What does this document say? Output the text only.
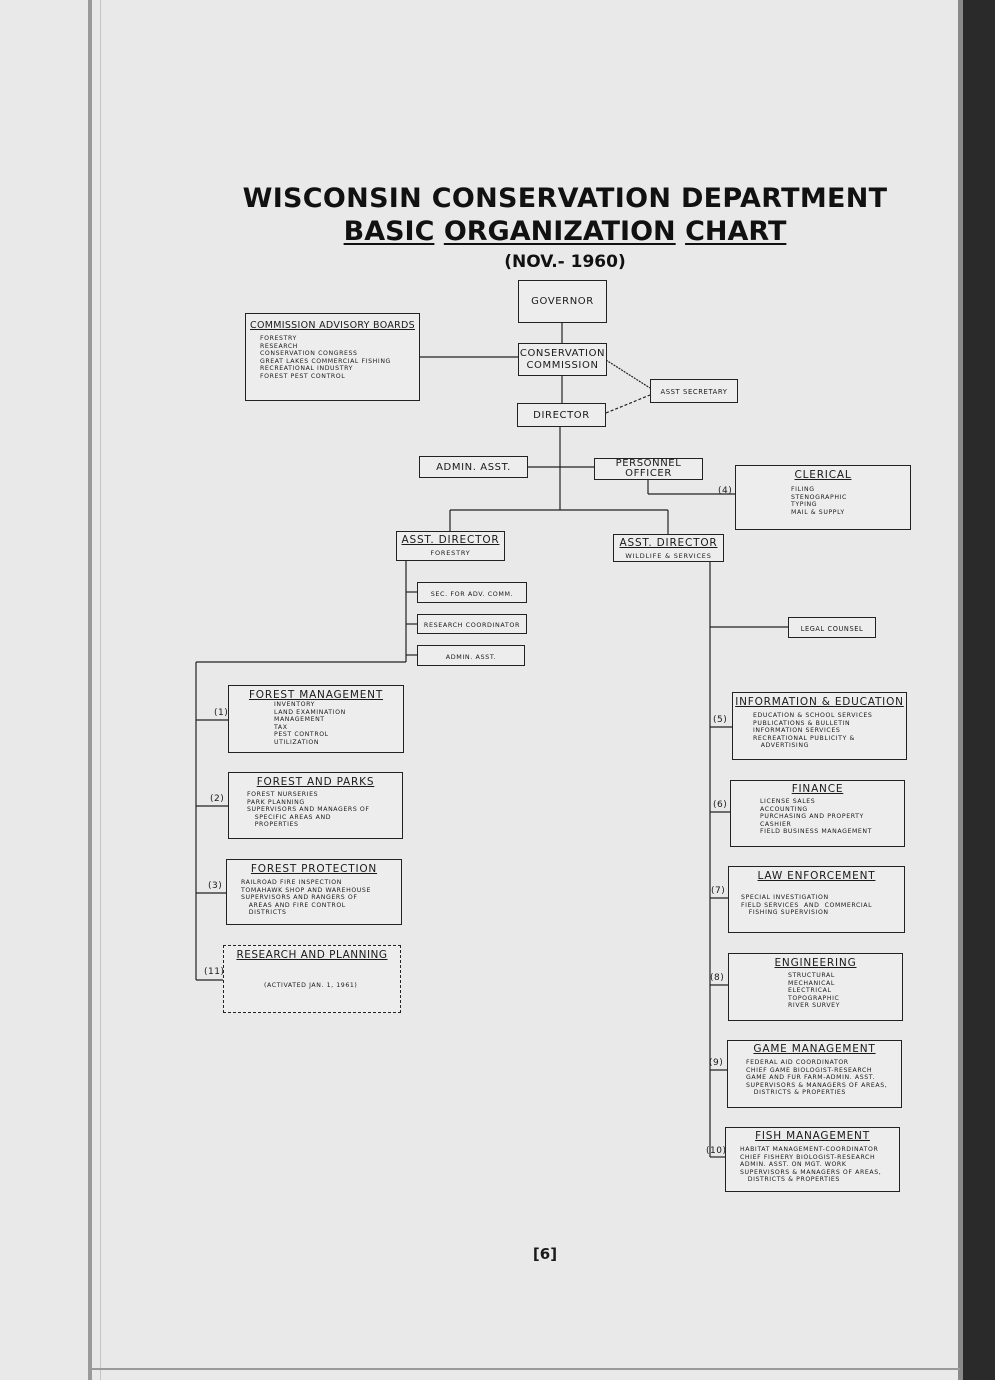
WISCONSIN CONSERVATION DEPARTMENT
BASIC ORGANIZATION CHART
(NOV.- 1960)
GOVERNOR
CONSERVATION
COMMISSION
ASST SECRETARY
DIRECTOR
COMMISSION ADVISORY BOARDS
FORESTRY
RESEARCH
CONSERVATION CONGRESS
GREAT LAKES COMMERCIAL FISHING
RECREATIONAL INDUSTRY
FOREST PEST CONTROL
ADMIN. ASST.	PERSONNEL
OFFICER	CLERICAL
FILING
STENOGRAPHIC
TYPING
MAIL & SUPPLY
(4)
ASST. DIRECTOR
FORESTRY
ASST. DIRECTOR
WILDLIFE & SERVICES
SEC. FOR ADV. COMM.
RESEARCH COORDINATOR
ADMIN. ASST.
LEGAL COUNSEL
FOREST MANAGEMENT
INVENTORY
LAND EXAMINATION
MANAGEMENT
TAX
PEST CONTROL
UTILIZATION
(1)
FOREST AND PARKS
FOREST NURSERIES
PARK PLANNING
SUPERVISORS AND MANAGERS OF
SPECIFIC AREAS AND
PROPERTIES
(2)
FOREST PROTECTION
RAILROAD FIRE INSPECTION
TOMAHAWK SHOP AND WAREHOUSE
SUPERVISORS AND RANGERS OF
AREAS AND FIRE CONTROL
DISTRICTS
(3)
RESEARCH AND PLANNING
(ACTIVATED JAN. 1, 1961)
(11)
INFORMATION & EDUCATION
EDUCATION & SCHOOL SERVICES
PUBLICATIONS & BULLETIN
INFORMATION SERVICES
RECREATIONAL PUBLICITY &
ADVERTISING
(5)
FINANCE
LICENSE SALES
ACCOUNTING
PURCHASING AND PROPERTY
CASHIER
FIELD BUSINESS MANAGEMENT
(6)
LAW ENFORCEMENT
SPECIAL INVESTIGATION
FIELD SERVICES  AND  COMMERCIAL
FISHING SUPERVISION
(7)
ENGINEERING
STRUCTURAL
MECHANICAL
ELECTRICAL
TOPOGRAPHIC
RIVER SURVEY
(8)
GAME MANAGEMENT
FEDERAL AID COORDINATOR
CHIEF GAME BIOLOGIST-RESEARCH
GAME AND FUR FARM-ADMIN. ASST.
SUPERVISORS & MANAGERS OF AREAS,
DISTRICTS & PROPERTIES
(9)
FISH MANAGEMENT
HABITAT MANAGEMENT-COORDINATOR
CHIEF FISHERY BIOLOGIST-RESEARCH
ADMIN. ASST. ON MGT. WORK
SUPERVISORS & MANAGERS OF AREAS,
DISTRICTS & PROPERTIES
(10)
[6]
